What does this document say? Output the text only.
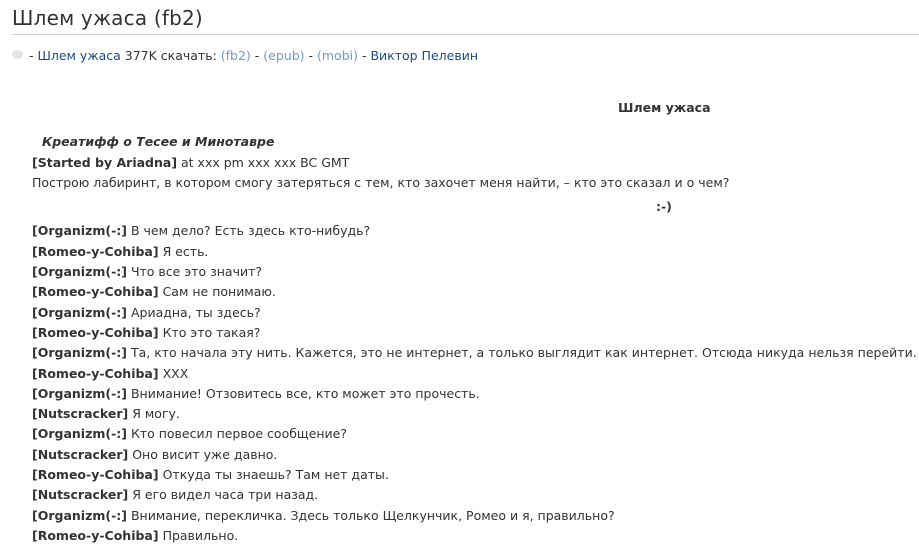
Шлем ужаса (fb2)
- Шлем ужаса 377K скачать: (fb2) - (epub) - (mobi) - Виктор Пелевин

Шлем ужаса

Креатифф о Тесее и Минотавре

[Started by Ariadna] at xxx pm xxx xxx BC GMT

Построю лабиринт, в котором смогу затеряться с тем, кто захочет меня найти, – кто это сказал и о чем?

:-)

[Organizm(-:] В чем дело? Есть здесь кто-нибудь?

[Romeo-y-Cohiba] Я есть.

[Organizm(-:] Что все это значит?

[Romeo-y-Cohiba] Сам не понимаю.

[Organizm(-:] Ариадна, ты здесь?

[Romeo-y-Cohiba] Кто это такая?

[Organizm(-:] Та, кто начала эту нить. Кажется, это не интернет, а только выглядит как интернет. Отсюда никуда нельзя перейти.

[Romeo-y-Cohiba] XXX

[Organizm(-:] Внимание! Отзовитесь все, кто может это прочесть.

[Nutscracker] Я могу.

[Organizm(-:] Кто повесил первое сообщение?

[Nutscracker] Оно висит уже давно.

[Romeo-y-Cohiba] Откуда ты знаешь? Там нет даты.

[Nutscracker] Я его видел часа три назад.

[Organizm(-:] Внимание, перекличка. Здесь только Щелкунчик, Ромео и я, правильно?

[Romeo-y-Cohiba] Правильно.
